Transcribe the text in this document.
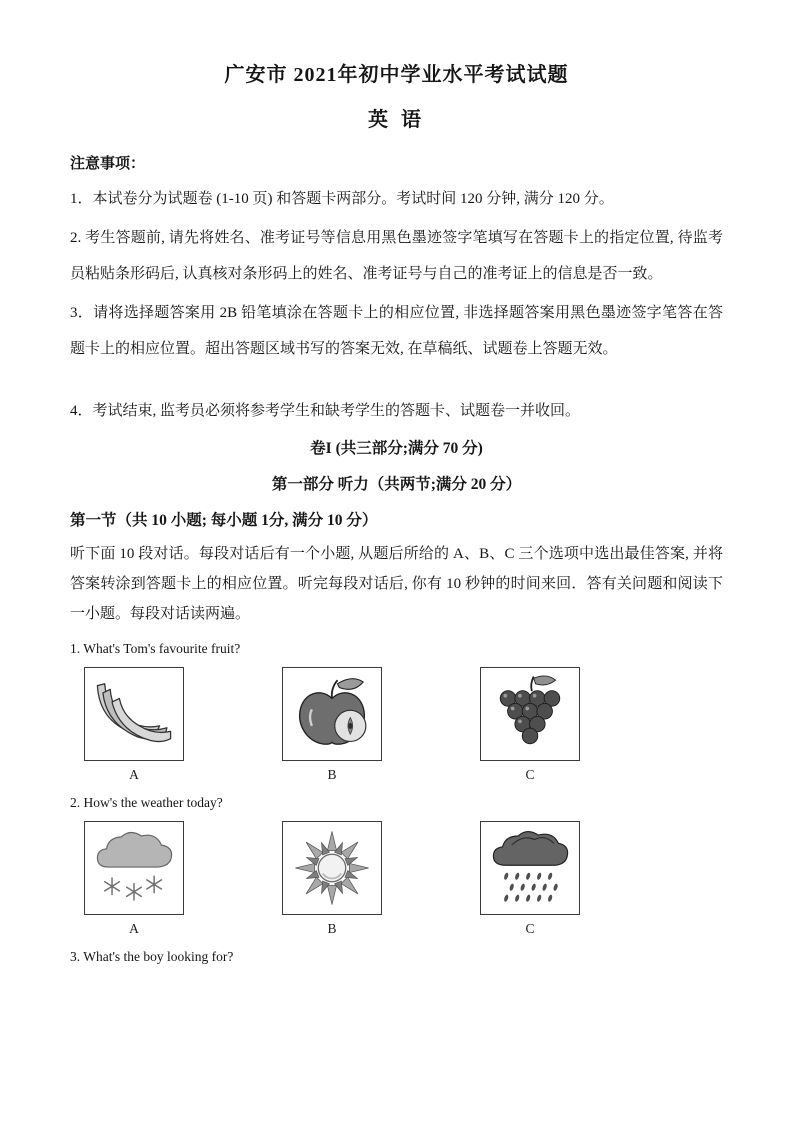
广安市 2021年初中学业水平考试试题
英 语

注意事项：

1．本试卷分为试题卷 (1-10 页) 和答题卡两部分。考试时间 120 分钟, 满分 120 分。

2. 考生答题前, 请先将姓名、准考证号等信息用黑色墨迹签字笔填写在答题卡上的指定位置, 待监考员粘贴条形码后, 认真核对条形码上的姓名、准考证号与自己的准考证上的信息是否一致。

3．请将选择题答案用 2B 铅笔填涂在答题卡上的相应位置, 非选择题答案用黑色墨迹签字笔答在答题卡上的相应位置。超出答题区域书写的答案无效, 在草稿纸、试题卷上答题无效。

4．考试结束, 监考员必须将参考学生和缺考学生的答题卡、试题卷一并收回。

卷I (共三部分;满分 70 分)

第一部分 听力（共两节;满分 20 分）

第一节（共 10 小题; 每小题 1分, 满分 10 分）

听下面 10 段对话。每段对话后有一个小题, 从题后所给的 A、B、C 三个选项中选出最佳答案, 并将答案转涂到答题卡上的相应位置。听完每段对话后, 你有 10 秒钟的时间来回．答有关问题和阅读下一小题。每段对话读两遍。

1. What's Tom's favourite fruit?

A	B	C

2. How's the weather today?

A	B	C

3. What's the boy looking for?
